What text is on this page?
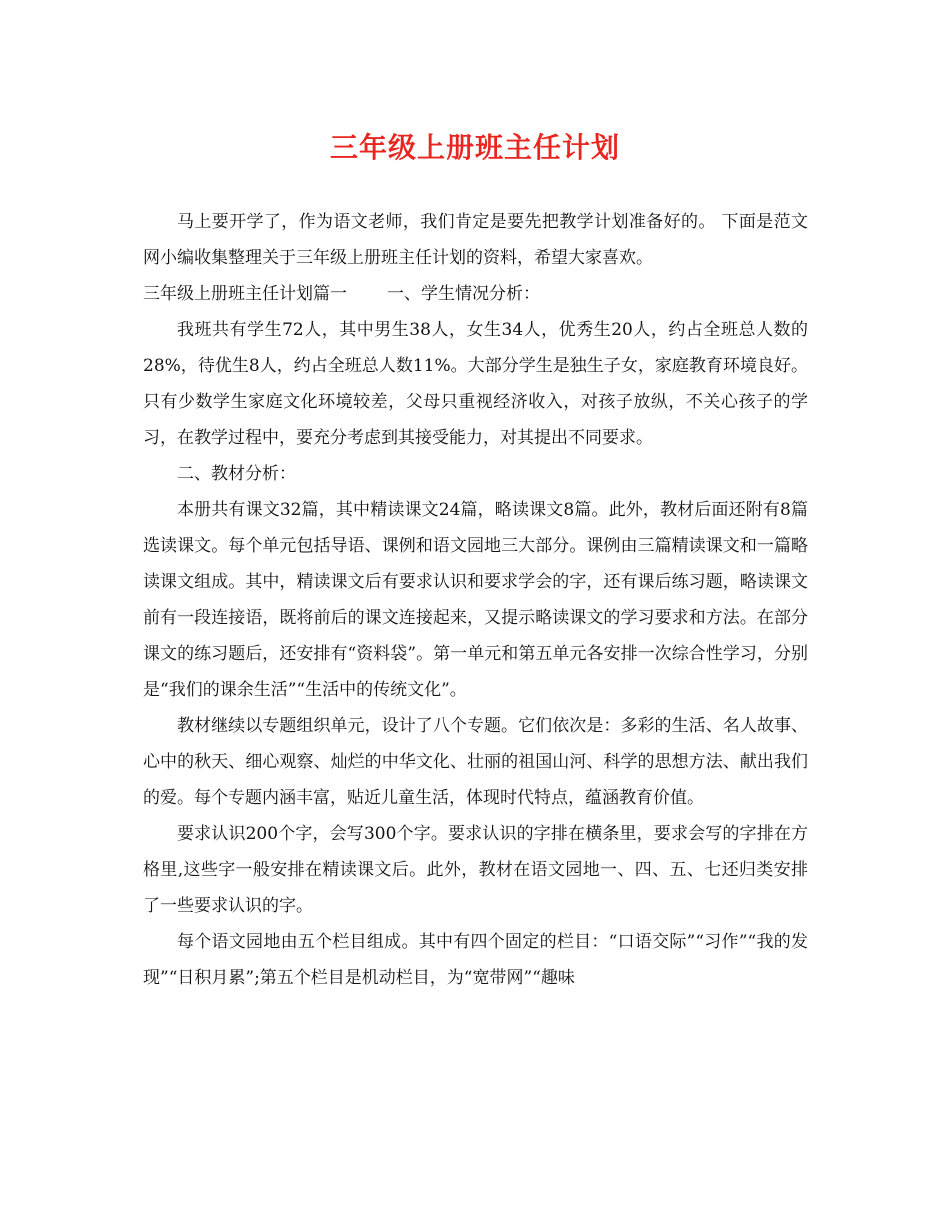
三年级上册班主任计划

马上要开学了，作为语文老师，我们肯定是要先把教学计划准备好的。 下面是范文网小编收集整理关于三年级上册班主任计划的资料，希望大家喜欢。

三年级上册班主任计划篇一 一、学生情况分析：

我班共有学生72人，其中男生38人，女生34人，优秀生20人，约占全班总人数的28%，待优生8人，约占全班总人数11%。大部分学生是独生子女，家庭教育环境良好。只有少数学生家庭文化环境较差，父母只重视经济收入，对孩子放纵，不关心孩子的学习，在教学过程中，要充分考虑到其接受能力，对其提出不同要求。

二、教材分析：

本册共有课文32篇，其中精读课文24篇，略读课文8篇。此外，教材后面还附有8篇选读课文。每个单元包括导语、课例和语文园地三大部分。课例由三篇精读课文和一篇略读课文组成。其中，精读课文后有要求认识和要求学会的字，还有课后练习题，略读课文前有一段连接语，既将前后的课文连接起来，又提示略读课文的学习要求和方法。在部分课文的练习题后，还安排有“资料袋”。第一单元和第五单元各安排一次综合性学习，分别是“我们的课余生活”“生活中的传统文化”。

教材继续以专题组织单元，设计了八个专题。它们依次是：多彩的生活、名人故事、心中的秋天、细心观察、灿烂的中华文化、壮丽的祖国山河、科学的思想方法、献出我们的爱。每个专题内涵丰富，贴近儿童生活，体现时代特点，蕴涵教育价值。

要求认识200个字，会写300个字。要求认识的字排在横条里，要求会写的字排在方格里,这些字一般安排在精读课文后。此外，教材在语文园地一、四、五、七还归类安排了一些要求认识的字。

每个语文园地由五个栏目组成。其中有四个固定的栏目：“口语交际”“习作”“我的发现”“日积月累”;第五个栏目是机动栏目，为“宽带网”“趣味
